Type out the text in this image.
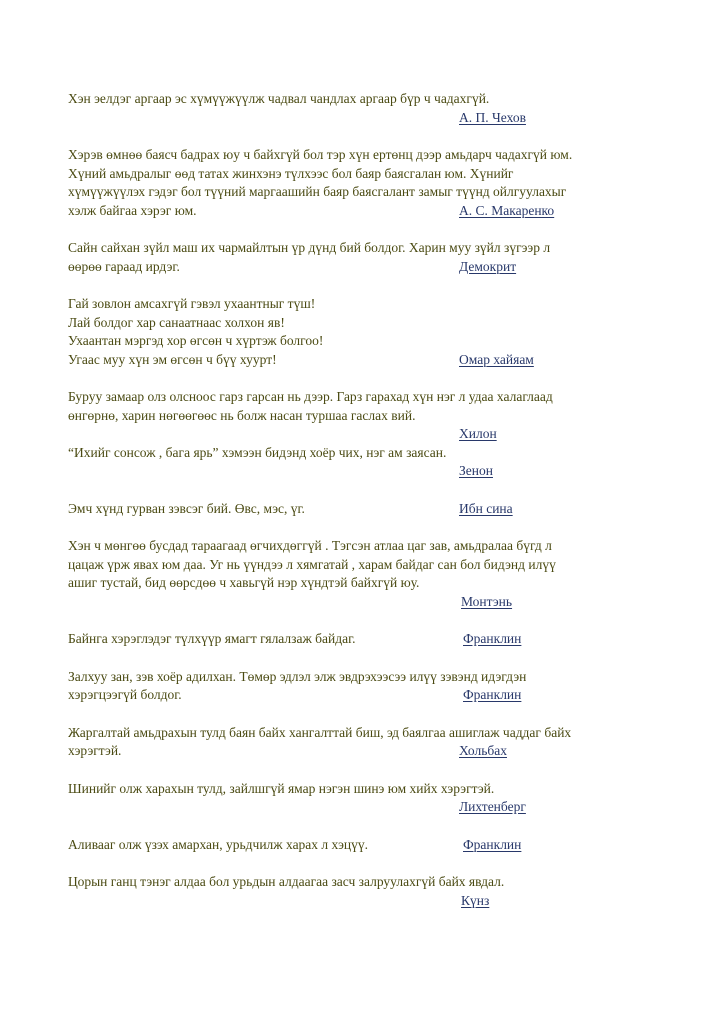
Хэн эелдэг аргаар эс хүмүүжүүлж чадвал чандлах аргаар бүр ч чадахгүй.
А. П. Чехов
Хэрэв өмнөө баясч бадрах юу ч байхгүй бол тэр хүн ертөнц дээр амьдарч чадахгүй юм.
Хүний амьдралыг өөд татах жинхэнэ түлхээс бол баяр баясгалан юм. Хүнийг
хүмүүжүүлэх гэдэг бол түүний маргаашийн баяр баясгалант замыг түүнд ойлгуулахыг
хэлж байгаа хэрэг юм.	А. С. Макаренко
Сайн сайхан зүйл маш их чармайлтын үр дүнд бий болдог. Харин муу зүйл зүгээр л
өөрөө гараад ирдэг.	Демокрит
Гай зовлон амсахгүй гэвэл ухаантныг түш!
Лай болдог хар санаатнаас холхон яв!
Ухаантан мэргэд хор өгсөн ч хүртэж болгоо!
Угаас муу хүн эм өгсөн ч бүү хуурт!	Омар хайяам
Буруу замаар олз олсноос гарз гарсан нь дээр. Гарз гарахад хүн нэг л удаа халаглаад
өнгөрнө, харин нөгөөгөөс нь болж насан туршаа гаслах вий.
Хилон
“Ихийг сонсож , бага ярь” хэмээн бидэнд хоёр чих, нэг ам заясан.
Зенон
Эмч хүнд гурван зэвсэг бий. Өвс, мэс, үг.	Ибн сина
Хэн ч мөнгөө бусдад тараагаад өгчихдөггүй . Тэгсэн атлаа цаг зав, амьдралаа бүгд л
цацаж үрж явах юм даа. Уг нь үүндээ л хямгатай , харам байдаг сан бол бидэнд илүү
ашиг тустай, бид өөрсдөө ч хавьгүй нэр хүндтэй байхгүй юу.
Монтэнь
Байнга хэрэглэдэг түлхүүр ямагт гялалзаж байдаг.	Франклин
Залхуу зан, зэв хоёр адилхан. Төмөр эдлэл элж эвдрэхээсээ илүү зэвэнд идэгдэн
хэрэгцээгүй болдог.	Франклин
Жаргалтай амьдрахын тулд баян байх хангалттай биш, эд баялгаа ашиглаж чаддаг байх
хэрэгтэй.	Хольбах
Шинийг олж харахын тулд, зайлшгүй ямар нэгэн шинэ юм хийх хэрэгтэй.
Лихтенберг
Аливааг олж үзэх амархан, урьдчилж харах л хэцүү.	Франклин
Цорын ганц тэнэг алдаа бол урьдын алдаагаа засч залруулахгүй байх явдал.
Күнз
